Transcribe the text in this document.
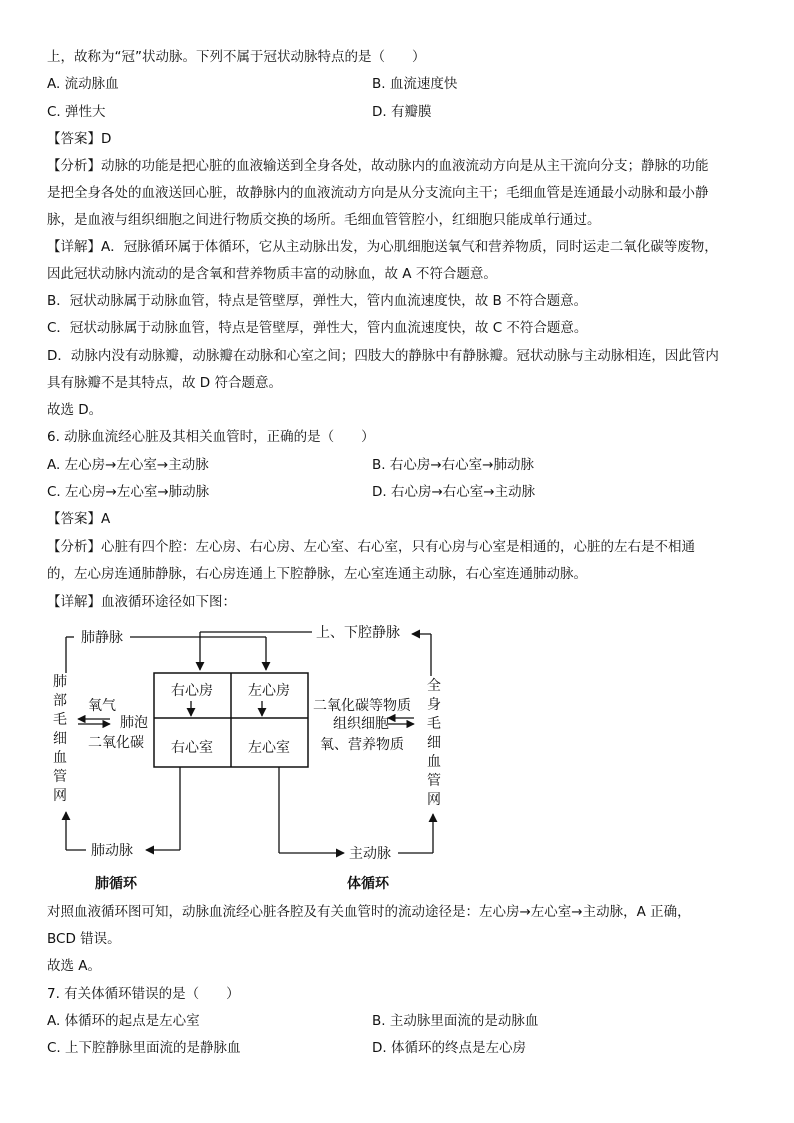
上，故称为“冠”状动脉。下列不属于冠状动脉特点的是（　　）
A. 流动脉血	B. 血流速度快
C. 弹性大	D. 有瓣膜
【答案】D
【分析】动脉的功能是把心脏的血液输送到全身各处，故动脉内的血液流动方向是从主干流向分支；静脉的功能
是把全身各处的血液送回心脏，故静脉内的血液流动方向是从分支流向主干；毛细血管是连通最小动脉和最小静
脉，是血液与组织细胞之间进行物质交换的场所。毛细血管管腔小，红细胞只能成单行通过。
【详解】A．冠脉循环属于体循环，它从主动脉出发，为心肌细胞送氧气和营养物质，同时运走二氧化碳等废物，
因此冠状动脉内流动的是含氧和营养物质丰富的动脉血，故 A 不符合题意。
B．冠状动脉属于动脉血管，特点是管壁厚，弹性大，管内血流速度快，故 B 不符合题意。
C．冠状动脉属于动脉血管，特点是管壁厚，弹性大，管内血流速度快，故 C 不符合题意。
D．动脉内没有动脉瓣，动脉瓣在动脉和心室之间；四肢大的静脉中有静脉瓣。冠状动脉与主动脉相连，因此管内
具有脉瓣不是其特点，故 D 符合题意。
故选 D。
6. 动脉血流经心脏及其相关血管时，正确的是（　　）
A. 左心房→左心室→主动脉	B. 右心房→右心室→肺动脉
C. 左心房→左心室→肺动脉	D. 右心房→右心室→主动脉
【答案】A
【分析】心脏有四个腔：左心房、右心房、左心室、右心室，只有心房与心室是相通的，心脏的左右是不相通
的，左心房连通肺静脉，右心房连通上下腔静脉，左心室连通主动脉，右心室连通肺动脉。
【详解】血液循环途径如下图：
右心房	左心房
右心室	左心室
上、下腔静脉
肺静脉
肺
部
毛
细
血
管
网
全
身
毛
细
血
管
网
氧气
肺泡
二氧化碳
二氧化碳等物质
组织细胞
氧、营养物质
肺动脉	主动脉
肺循环	体循环
对照血液循环图可知，动脉血流经心脏各腔及有关血管时的流动途径是：左心房→左心室→主动脉，A 正确，
BCD 错误。
故选 A。
7. 有关体循环错误的是（　　）
A. 体循环的起点是左心室	B. 主动脉里面流的是动脉血
C. 上下腔静脉里面流的是静脉血	D. 体循环的终点是左心房
